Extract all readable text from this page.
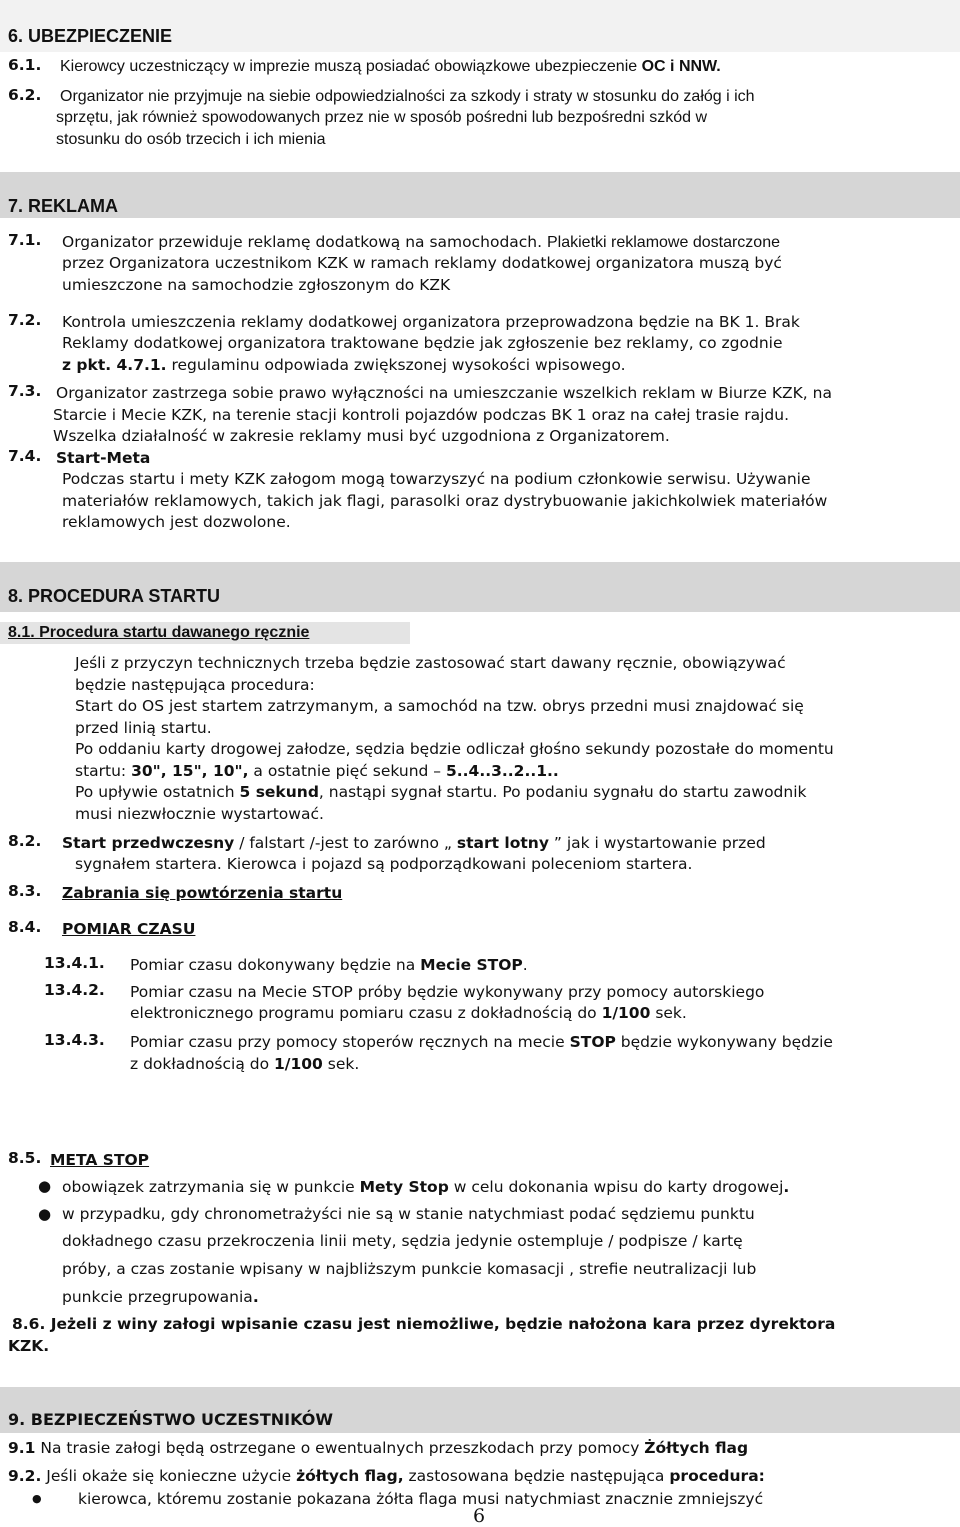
6. UBEZPIECZENIE
6.1. Kierowcy uczestniczący w imprezie muszą posiadać obowiązkowe ubezpieczenie OC i NNW.
6.2. Organizator nie przyjmuje na siebie odpowiedzialności za szkody i straty w stosunku do załóg i ich
sprzętu, jak również spowodowanych przez nie w sposób pośredni lub bezpośredni szkód w
stosunku do osób trzecich i ich mienia
7. REKLAMA
7.1. Organizator przewiduje reklamę dodatkową na samochodach. Plakietki reklamowe dostarczone
przez Organizatora uczestnikom KZK w ramach reklamy dodatkowej organizatora muszą być
umieszczone na samochodzie zgłoszonym do KZK
7.2. Kontrola umieszczenia reklamy dodatkowej organizatora przeprowadzona będzie na BK 1. Brak
Reklamy dodatkowej organizatora traktowane będzie jak zgłoszenie bez reklamy, co zgodnie
z pkt. 4.7.1. regulaminu odpowiada zwiększonej wysokości wpisowego.
7.3. Organizator zastrzega sobie prawo wyłączności na umieszczanie wszelkich reklam w Biurze KZK, na
Starcie i Mecie KZK, na terenie stacji kontroli pojazdów podczas BK 1 oraz na całej trasie rajdu.
Wszelka działalność w zakresie reklamy musi być uzgodniona z Organizatorem.
7.4. Start-Meta
Podczas startu i mety KZK załogom mogą towarzyszyć na podium członkowie serwisu. Używanie
materiałów reklamowych, takich jak flagi, parasolki oraz dystrybuowanie jakichkolwiek materiałów
reklamowych jest dozwolone.
8. PROCEDURA STARTU
8.1. Procedura startu dawanego ręcznie
Jeśli z przyczyn technicznych trzeba będzie zastosować start dawany ręcznie, obowiązywać
będzie następująca procedura:
Start do OS jest startem zatrzymanym, a samochód na tzw. obrys przedni musi znajdować się
przed linią startu.
Po oddaniu karty drogowej załodze, sędzia będzie odliczał głośno sekundy pozostałe do momentu
startu: 30", 15", 10", a ostatnie pięć sekund – 5..4..3..2..1..
Po upływie ostatnich 5 sekund, nastąpi sygnał startu. Po podaniu sygnału do startu zawodnik
musi niezwłocznie wystartować.
8.2. Start przedwczesny / falstart /-jest to zarówno „ start lotny ” jak i wystartowanie przed
sygnałem startera. Kierowca i pojazd są podporządkowani poleceniom startera.
8.3. Zabrania się powtórzenia startu
8.4. POMIAR CZASU
13.4.1. Pomiar czasu dokonywany będzie na Mecie STOP.
13.4.2. Pomiar czasu na Mecie STOP próby będzie wykonywany przy pomocy autorskiego
elektronicznego programu pomiaru czasu z dokładnością do 1/100 sek.
13.4.3. Pomiar czasu przy pomocy stoperów ręcznych na mecie STOP będzie wykonywany będzie
z dokładnością do 1/100 sek.
8.5. META STOP
● obowiązek zatrzymania się w punkcie Mety Stop w celu dokonania wpisu do karty drogowej.
● w przypadku, gdy chronometrażyści nie są w stanie natychmiast podać sędziemu punktu
dokładnego czasu przekroczenia linii mety, sędzia jedynie ostempluje / podpisze / kartę
próby, a czas zostanie wpisany w najbliższym punkcie komasacji , strefie neutralizacji lub
punkcie przegrupowania.
8.6. Jeżeli z winy załogi wpisanie czasu jest niemożliwe, będzie nałożona kara przez dyrektora
KZK.
9. BEZPIECZEŃSTWO UCZESTNIKÓW
9.1 Na trasie załogi będą ostrzegane o ewentualnych przeszkodach przy pomocy Żółtych flag
9.2. Jeśli okaże się konieczne użycie żółtych flag, zastosowana będzie następująca procedura:
● kierowca, któremu zostanie pokazana żółta flaga musi natychmiast znacznie zmniejszyć
6
